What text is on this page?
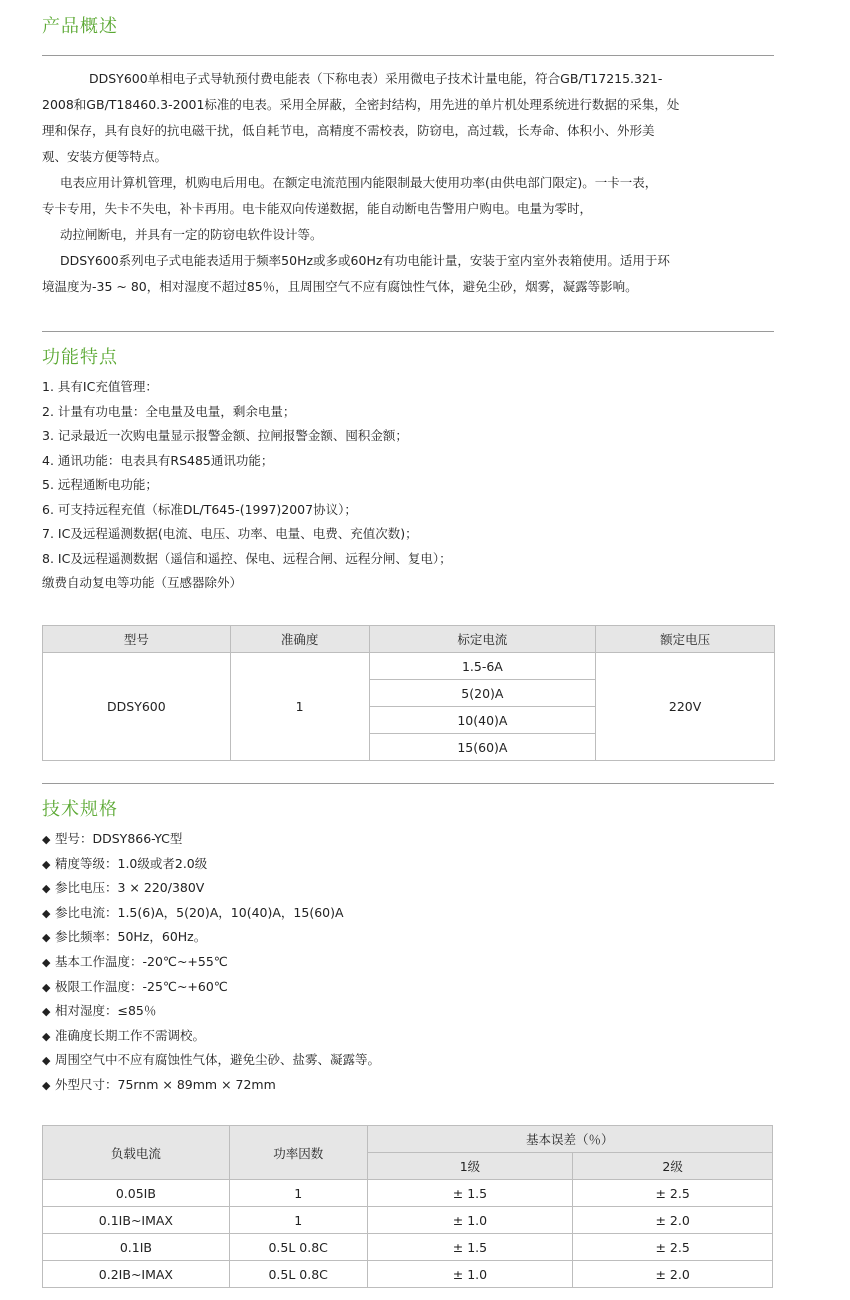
产品概述
DDSY600单相电子式导轨预付费电能表（下称电表）采用微电子技术计量电能，符合GB/T17215.321-
2008和GB/T18460.3-2001标准的电表。采用全屏蔽，全密封结构，用先进的单片机处理系统进行数据的采集，处
理和保存，具有良好的抗电磁干扰，低自耗节电，高精度不需校表，防窃电，高过载，长寿命、体积小、外形美
观、安装方便等特点。
电表应用计算机管理，机购电后用电。在额定电流范围内能限制最大使用功率(由供电部门限定)。一卡一表，
专卡专用，失卡不失电，补卡再用。电卡能双向传递数据，能自动断电告警用户购电。电量为零时，
动拉闸断电，并具有一定的防窃电软件设计等。
DDSY600系列电子式电能表适用于频率50Hz或多或60Hz有功电能计量，安装于室内室外表箱使用。适用于环
境温度为-35 ~ 80，相对湿度不超过85％，且周围空气不应有腐蚀性气体，避免尘砂，烟雾，凝露等影响。
功能特点
1. 具有IC充值管理：
2. 计量有功电量：全电量及电量，剩余电量；
3. 记录最近一次购电量显示报警金额、拉闸报警金额、囤积金额；
4. 通讯功能：电表具有RS485通讯功能；
5. 远程通断电功能；
6. 可支持远程充值（标准DL/T645-(1997)2007协议）；
7. IC及远程遥测数据(电流、电压、功率、电量、电费、充值次数)；
8. IC及远程遥测数据（遥信和遥控、保电、远程合闸、远程分闸、复电）；
缴费自动复电等功能（互感器除外）
型号	准确度	标定电流	额定电压
DDSY600	1	1.5-6A	220V
		5(20)A	
		10(40)A	
		15(60)A	
技术规格
◆ 型号：DDSY866-YC型
◆ 精度等级：1.0级或者2.0级
◆ 参比电压：3 × 220/380V
◆ 参比电流：1.5(6)A，5(20)A，10(40)A，15(60)A
◆ 参比频率：50Hz，60Hz。
◆ 基本工作温度：-20℃~+55℃
◆ 极限工作温度：-25℃~+60℃
◆ 相对湿度：≤85％
◆ 准确度长期工作不需调校。
◆ 周围空气中不应有腐蚀性气体，避免尘砂、盐雾、凝露等。
◆ 外型尺寸：75rnm × 89mm × 72mm
负载电流	功率因数	基本误差（％）	
		1级	2级
0.05IB	1	± 1.5	± 2.5
0.1IB~IMAX	1	± 1.0	± 2.0
0.1IB	0.5L 0.8C	± 1.5	± 2.5
0.2IB~IMAX	0.5L 0.8C	± 1.0	± 2.0
